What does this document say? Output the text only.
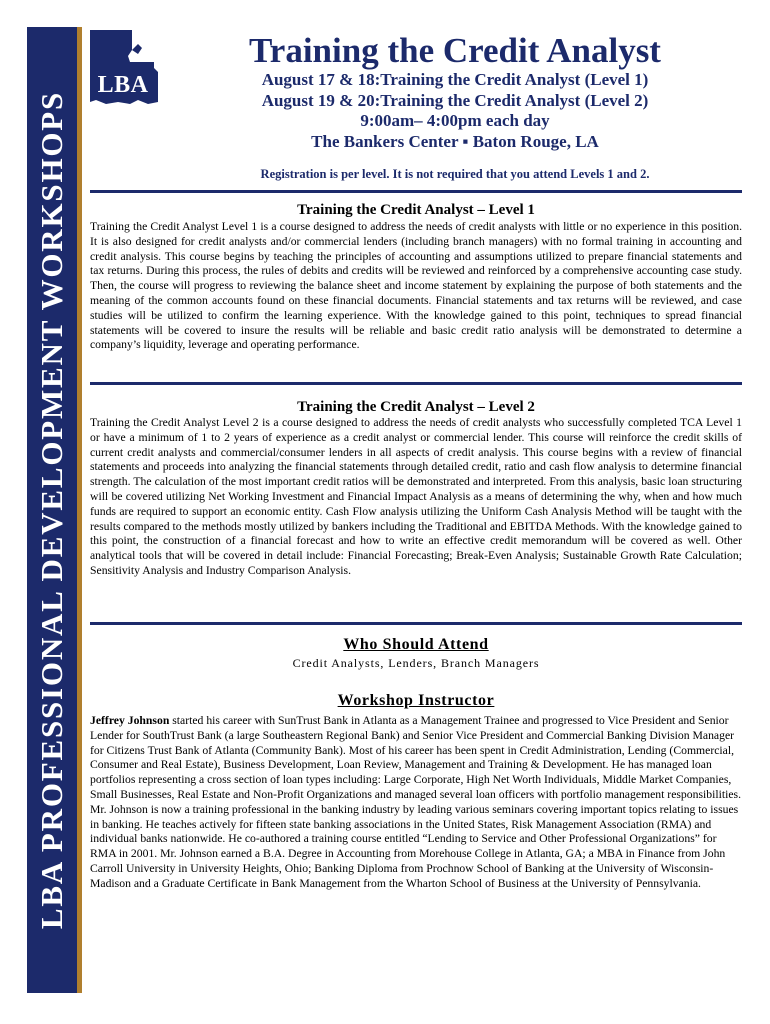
LBA PROFESSIONAL DEVELOPMENT WORKSHOPS
LBA
Training the Credit Analyst
August 17 & 18:Training the Credit Analyst (Level 1)
August 19 & 20:Training the Credit Analyst (Level 2)
9:00am– 4:00pm each day
The Bankers Center ▪ Baton Rouge, LA
Registration is per level. It is not required that you attend Levels 1 and 2.
Training the Credit Analyst – Level 1
Training the Credit Analyst Level 1 is a course designed to address the needs of credit analysts with little or no experience in this position. It is also designed for credit analysts and/or commercial lenders (including branch managers) with no formal training in accounting and credit analysis. This course begins by teaching the principles of accounting and assumptions utilized to prepare financial statements and tax returns. During this process, the rules of debits and credits will be reviewed and reinforced by a comprehensive accounting case study. Then, the course will progress to reviewing the balance sheet and income statement by explaining the purpose of both statements and the meaning of the common accounts found on these financial documents. Financial statements and tax returns will be reviewed, and case studies will be utilized to confirm the learning experience. With the knowledge gained to this point, techniques to spread financial statements will be covered to insure the results will be reliable and basic credit ratio analysis will be demonstrated to determine a company’s liquidity, leverage and operating performance.
Training the Credit Analyst – Level 2
Training the Credit Analyst Level 2 is a course designed to address the needs of credit analysts who successfully completed TCA Level 1 or have a minimum of 1 to 2 years of experience as a credit analyst or commercial lender. This course will reinforce the credit skills of current credit analysts and commercial/consumer lenders in all aspects of credit analysis. This course begins with a review of financial statements and proceeds into analyzing the financial statements through detailed credit, ratio and cash flow analysis to determine financial strength. The calculation of the most important credit ratios will be demonstrated and interpreted. From this analysis, basic loan structuring will be covered utilizing Net Working Investment and Financial Impact Analysis as a means of determining the why, when and how much funds are required to support an economic entity. Cash Flow analysis utilizing the Uniform Cash Analysis Method will be taught with the results compared to the methods mostly utilized by bankers including the Traditional and EBITDA Methods. With the knowledge gained to this point, the construction of a financial forecast and how to write an effective credit memorandum will be covered as well. Other analytical tools that will be covered in detail include: Financial Forecasting; Break-Even Analysis; Sustainable Growth Rate Calculation; Sensitivity Analysis and Industry Comparison Analysis.
Who Should Attend
Credit Analysts, Lenders, Branch Managers
Workshop Instructor
Jeffrey Johnson started his career with SunTrust Bank in Atlanta as a Management Trainee and progressed to Vice President and Senior Lender for SouthTrust Bank (a large Southeastern Regional Bank) and Senior Vice President and Commercial Banking Division Manager for Citizens Trust Bank of Atlanta (Community Bank). Most of his career has been spent in Credit Administration, Lending (Commercial, Consumer and Real Estate), Business Development, Loan Review, Management and Training & Development. He has managed loan portfolios representing a cross section of loan types including: Large Corporate, High Net Worth Individuals, Middle Market Companies, Small Businesses, Real Estate and Non-Profit Organizations and managed several loan officers with portfolio management responsibilities. Mr. Johnson is now a training professional in the banking industry by leading various seminars covering important topics relating to issues in banking. He teaches actively for fifteen state banking associations in the United States, Risk Management Association (RMA) and individual banks nationwide. He co-authored a training course entitled “Lending to Service and Other Professional Organizations” for RMA in 2001. Mr. Johnson earned a B.A. Degree in Accounting from Morehouse College in Atlanta, GA; a MBA in Finance from John Carroll University in University Heights, Ohio; Banking Diploma from Prochnow School of Banking at the University of Wisconsin-Madison and a Graduate Certificate in Bank Management from the Wharton School of Business at the University of Pennsylvania.
